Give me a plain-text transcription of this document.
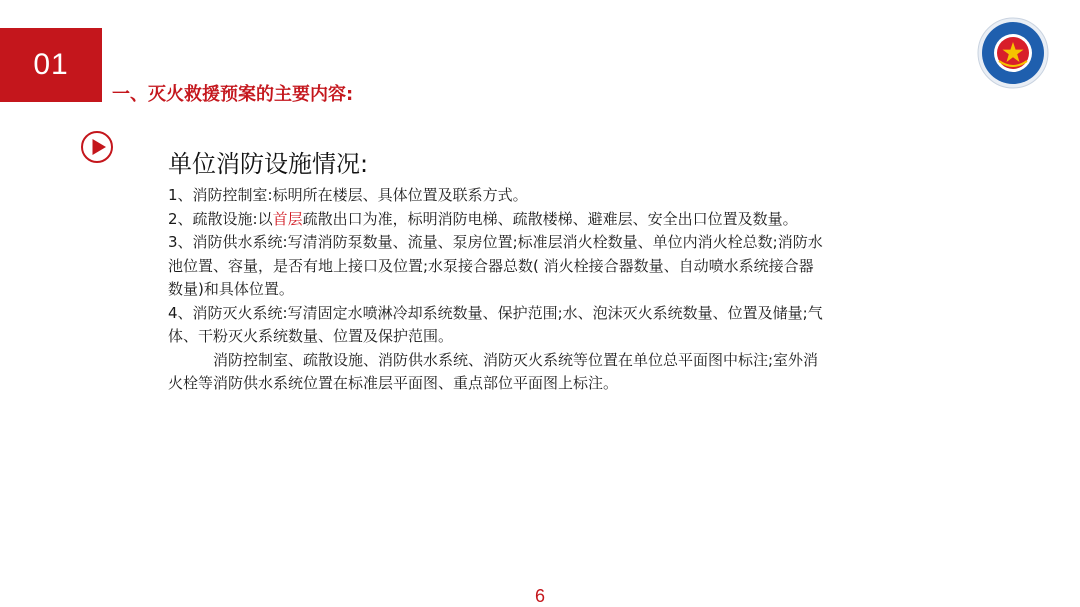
01
一、灭火救援预案的主要内容:
单位消防设施情况:

1、消防控制室:标明所在楼层、具体位置及联系方式。

2、疏散设施:以首层疏散出口为准，标明消防电梯、疏散楼梯、避难层、安全出口位置及数量。

3、消防供水系统:写清消防泵数量、流量、泵房位置;标准层消火栓数量、单位内消火栓总数;消防水池位置、容量，是否有地上接口及位置;水泵接合器总数( 消火栓接合器数量、自动喷水系统接合器数量)和具体位置。

4、消防灭火系统:写清固定水喷淋冷却系统数量、保护范围;水、泡沫灭火系统数量、位置及储量;气体、干粉灭火系统数量、位置及保护范围。

消防控制室、疏散设施、消防供水系统、消防灭火系统等位置在单位总平面图中标注;室外消火栓等消防供水系统位置在标准层平面图、重点部位平面图上标注。

6
